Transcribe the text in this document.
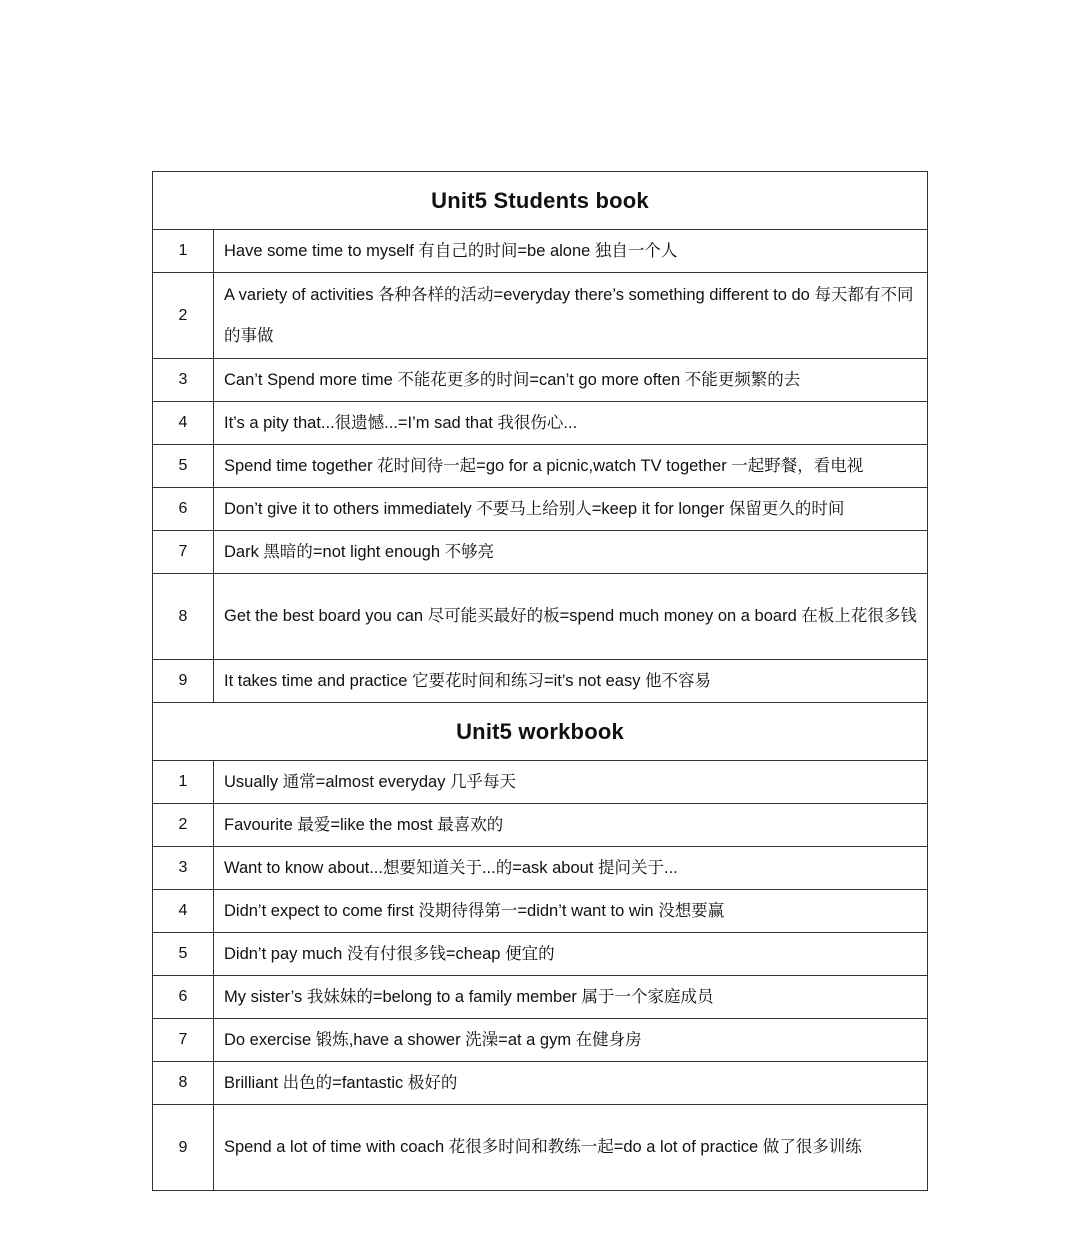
Unit5 Students book	
1	Have some time to myself 有自己的时间=be alone 独自一个人
2	A variety of activities 各种各样的活动=everyday there’s something different to do 每天都有不同的事做
3	Can’t Spend more time 不能花更多的时间=can’t go more often 不能更频繁的去
4	It’s a pity that...很遗憾...=I’m sad that 我很伤心...
5	Spend time together 花时间待一起=go for a picnic,watch TV together 一起野餐，看电视
6	Don’t give it to others immediately 不要马上给别人=keep it for longer 保留更久的时间
7	Dark 黑暗的=not light enough 不够亮
8	Get the best board you can 尽可能买最好的板=spend much money on a board 在板上花很多钱
9	It takes time and practice 它要花时间和练习=it’s not easy 他不容易
Unit5 workbook	
1	Usually 通常=almost everyday 几乎每天
2	Favourite 最爱=like the most 最喜欢的
3	Want to know about...想要知道关于...的=ask about 提问关于...
4	Didn’t expect to come first 没期待得第一=didn’t want to win 没想要赢
5	Didn’t pay much 没有付很多钱=cheap 便宜的
6	My sister’s 我妹妹的=belong to a family member 属于一个家庭成员
7	Do exercise 锻炼,have a shower 洗澡=at a gym 在健身房
8	Brilliant 出色的=fantastic 极好的
9	Spend a lot of time with coach 花很多时间和教练一起=do a lot of practice 做了很多训练
